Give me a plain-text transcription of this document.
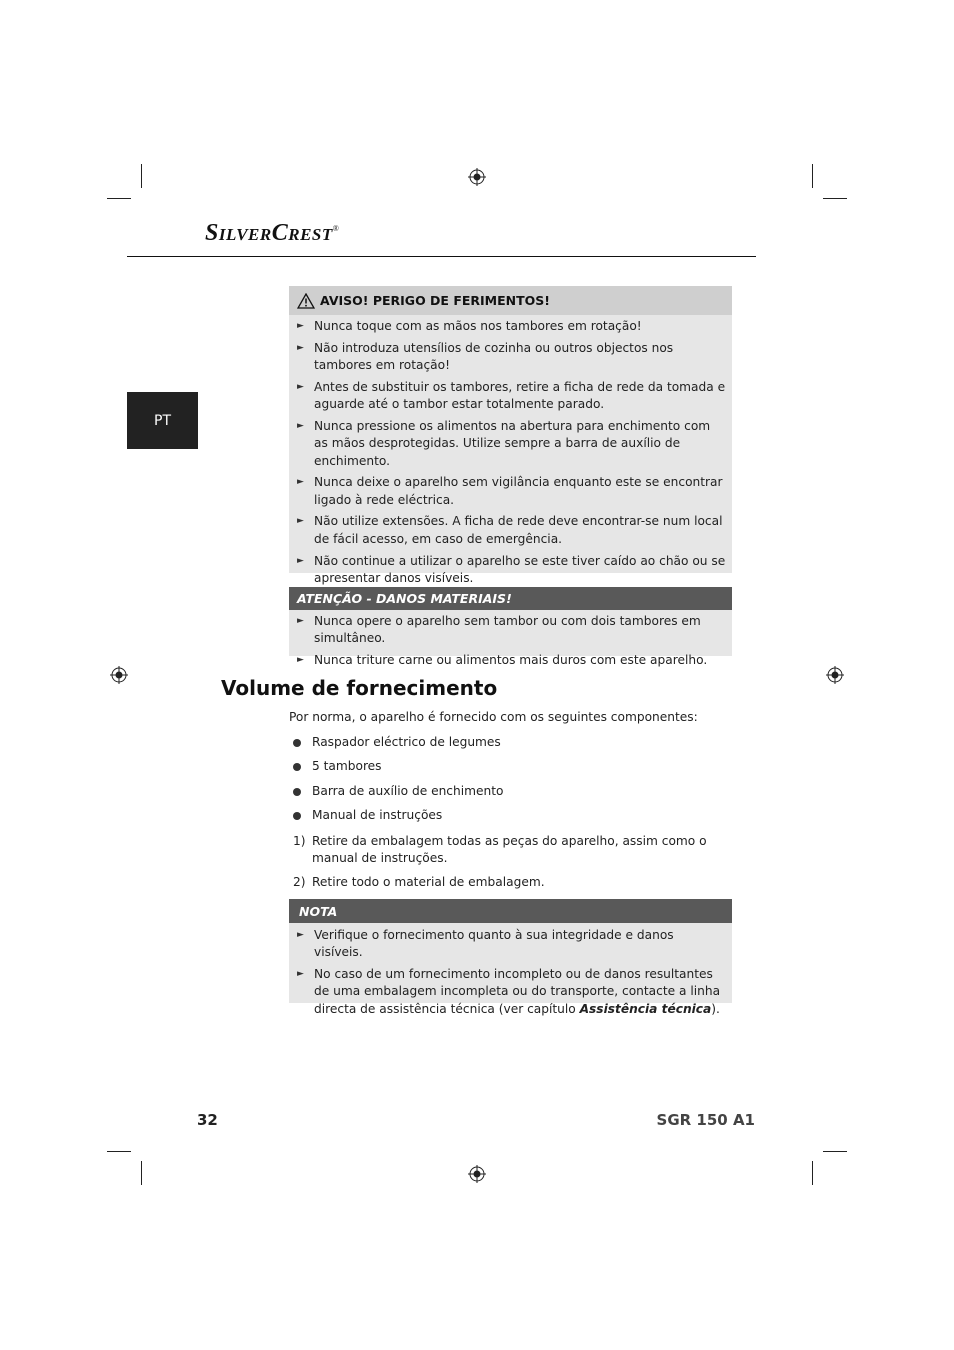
SilverCrest®
PT
AVISO! PERIGO DE FERIMENTOS!
► Nunca toque com as mãos nos tambores em rotação!
► Não introduza utensílios de cozinha ou outros objectos nos tambores em rotação!
► Antes de substituir os tambores, retire a ficha de rede da tomada e aguarde até o tambor estar totalmente parado.
► Nunca pressione os alimentos na abertura para enchimento com as mãos desprotegidas. Utilize sempre a barra de auxílio de enchimento.
► Nunca deixe o aparelho sem vigilância enquanto este se encontrar ligado à rede eléctrica.
► Não utilize extensões. A ficha de rede deve encontrar-se num local de fácil acesso, em caso de emergência.
► Não continue a utilizar o aparelho se este tiver caído ao chão ou se apresentar danos visíveis.
ATENÇÃO - DANOS MATERIAIS!
► Nunca opere o aparelho sem tambor ou com dois tambores em simultâneo.
► Nunca triture carne ou alimentos mais duros com este aparelho.
Volume de fornecimento

Por norma, o aparelho é fornecido com os seguintes componentes:

Raspador eléctrico de legumes
5 tambores
Barra de auxílio de enchimento
Manual de instruções
1) Retire da embalagem todas as peças do aparelho, assim como o manual de instruções.
2) Retire todo o material de embalagem.
NOTA
► Verifique o fornecimento quanto à sua integridade e danos visíveis.
► No caso de um fornecimento incompleto ou de danos resultantes de uma embalagem incompleta ou do transporte, contacte a linha directa de assistência técnica (ver capítulo Assistência técnica).
32	SGR 150 A1
